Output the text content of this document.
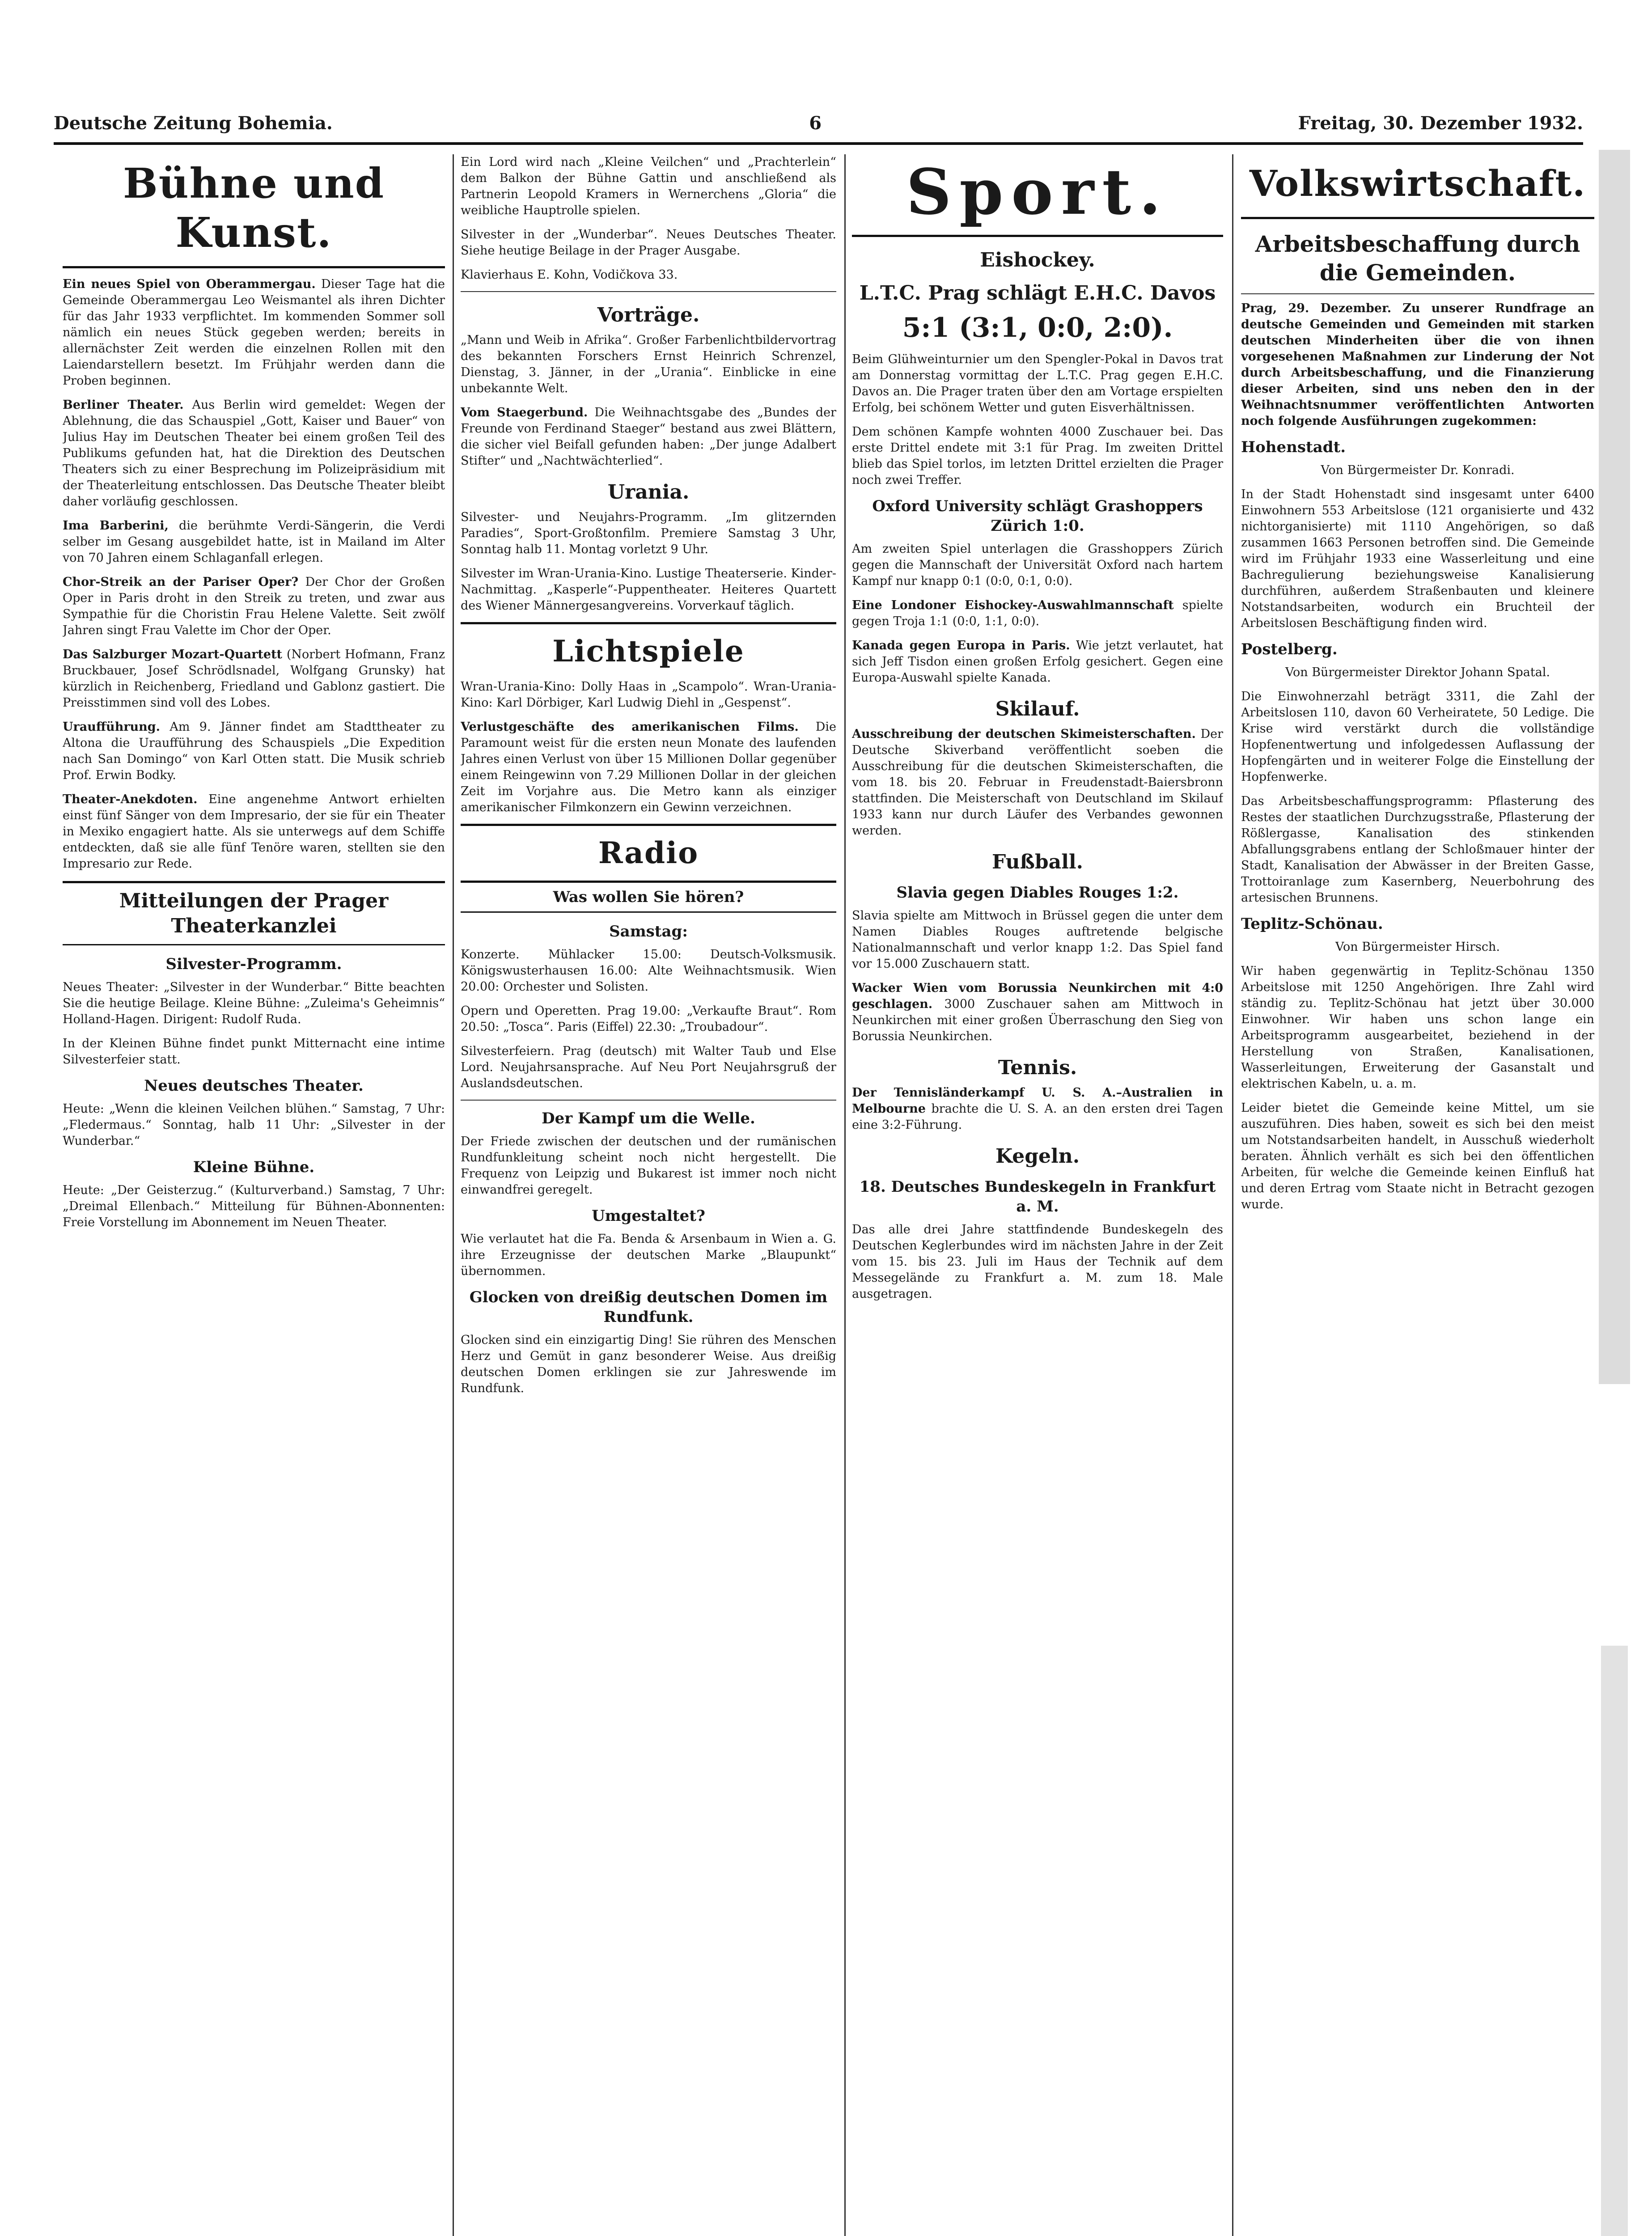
Deutsche Zeitung Bohemia.	6	Freitag, 30. Dezember 1932.
Bühne und Kunst.

Ein neues Spiel von Oberammergau. Dieser Tage hat die Gemeinde Oberammergau Leo Weismantel als ihren Dichter für das Jahr 1933 verpflichtet. Im kommenden Sommer soll nämlich ein neues Stück gegeben werden; bereits in allernächster Zeit werden die einzelnen Rollen mit den Laiendarstellern besetzt. Im Frühjahr werden dann die Proben beginnen.

Berliner Theater. Aus Berlin wird gemeldet: Wegen der Ablehnung, die das Schauspiel „Gott, Kaiser und Bauer“ von Julius Hay im Deutschen Theater bei einem großen Teil des Publikums gefunden hat, hat die Direktion des Deutschen Theaters sich zu einer Besprechung im Polizeipräsidium mit der Theaterleitung entschlossen. Das Deutsche Theater bleibt daher vorläufig geschlossen.

Ima Barberini, die berühmte Verdi-Sängerin, die Verdi selber im Gesang ausgebildet hatte, ist in Mailand im Alter von 70 Jahren einem Schlaganfall erlegen.

Chor-Streik an der Pariser Oper? Der Chor der Großen Oper in Paris droht in den Streik zu treten, und zwar aus Sympathie für die Choristin Frau Helene Valette. Seit zwölf Jahren singt Frau Valette im Chor der Oper.

Das Salzburger Mozart-Quartett (Norbert Hofmann, Franz Bruckbauer, Josef Schrödlsnadel, Wolfgang Grunsky) hat kürzlich in Reichenberg, Friedland und Gablonz gastiert. Die Preisstimmen sind voll des Lobes.

Uraufführung. Am 9. Jänner findet am Stadttheater zu Altona die Uraufführung des Schauspiels „Die Expedition nach San Domingo“ von Karl Otten statt. Die Musik schrieb Prof. Erwin Bodky.

Theater-Anekdoten. Eine angenehme Antwort erhielten einst fünf Sänger von dem Impresario, der sie für ein Theater in Mexiko engagiert hatte. Als sie unterwegs auf dem Schiffe entdeckten, daß sie alle fünf Tenöre waren, stellten sie den Impresario zur Rede.

Mitteilungen der Prager Theaterkanzlei
Silvester-Programm.

Neues Theater: „Silvester in der Wunderbar.“ Bitte beachten Sie die heutige Beilage. Kleine Bühne: „Zuleima's Geheimnis“ Holland-Hagen. Dirigent: Rudolf Ruda.

In der Kleinen Bühne findet punkt Mitternacht eine intime Silvesterfeier statt.

Neues deutsches Theater.

Heute: „Wenn die kleinen Veilchen blühen.“ Samstag, 7 Uhr: „Fledermaus.“ Sonntag, halb 11 Uhr: „Silvester in der Wunderbar.“

Kleine Bühne.

Heute: „Der Geisterzug.“ (Kulturverband.) Samstag, 7 Uhr: „Dreimal Ellenbach.“ Mitteilung für Bühnen-Abonnenten: Freie Vorstellung im Abonnement im Neuen Theater.

Ein Lord wird nach „Kleine Veilchen“ und „Prachterlein“ dem Balkon der Bühne Gattin und anschließend als Partnerin Leopold Kramers in Wernerchens „Gloria“ die weibliche Hauptrolle spielen.

Silvester in der „Wunderbar“. Neues Deutsches Theater. Siehe heutige Beilage in der Prager Ausgabe.

Klavierhaus E. Kohn, Vodičkova 33.

Vorträge.

„Mann und Weib in Afrika“. Großer Farbenlichtbildervortrag des bekannten Forschers Ernst Heinrich Schrenzel, Dienstag, 3. Jänner, in der „Urania“. Einblicke in eine unbekannte Welt.

Vom Staegerbund. Die Weihnachtsgabe des „Bundes der Freunde von Ferdinand Staeger“ bestand aus zwei Blättern, die sicher viel Beifall gefunden haben: „Der junge Adalbert Stifter“ und „Nachtwächterlied“.

Urania.

Silvester- und Neujahrs-Programm. „Im glitzernden Paradies“, Sport-Großtonfilm. Premiere Samstag 3 Uhr, Sonntag halb 11. Montag vorletzt 9 Uhr.

Silvester im Wran-Urania-Kino. Lustige Theaterserie. Kinder-Nachmittag. „Kasperle“-Puppentheater. Heiteres Quartett des Wiener Männergesangvereins. Vorverkauf täglich.

Lichtspiele

Wran-Urania-Kino: Dolly Haas in „Scampolo“. Wran-Urania-Kino: Karl Dörbiger, Karl Ludwig Diehl in „Gespenst“.

Verlustgeschäfte des amerikanischen Films. Die Paramount weist für die ersten neun Monate des laufenden Jahres einen Verlust von über 15 Millionen Dollar gegenüber einem Reingewinn von 7.29 Millionen Dollar in der gleichen Zeit im Vorjahre aus. Die Metro kann als einziger amerikanischer Filmkonzern ein Gewinn verzeichnen.

Radio
Was wollen Sie hören?
Samstag:

Konzerte. Mühlacker 15.00: Deutsch-Volksmusik. Königswusterhausen 16.00: Alte Weihnachtsmusik. Wien 20.00: Orchester und Solisten.

Opern und Operetten. Prag 19.00: „Verkaufte Braut“. Rom 20.50: „Tosca“. Paris (Eiffel) 22.30: „Troubadour“.

Silvesterfeiern. Prag (deutsch) mit Walter Taub und Else Lord. Neujahrsansprache. Auf Neu Port Neujahrsgruß der Auslandsdeutschen.

Der Kampf um die Welle.

Der Friede zwischen der deutschen und der rumänischen Rundfunkleitung scheint noch nicht hergestellt. Die Frequenz von Leipzig und Bukarest ist immer noch nicht einwandfrei geregelt.

Umgestaltet?

Wie verlautet hat die Fa. Benda & Arsenbaum in Wien a. G. ihre Erzeugnisse der deutschen Marke „Blaupunkt“ übernommen.

Glocken von dreißig deutschen Domen im Rundfunk.

Glocken sind ein einzigartig Ding! Sie rühren des Menschen Herz und Gemüt in ganz besonderer Weise. Aus dreißig deutschen Domen erklingen sie zur Jahreswende im Rundfunk.

Sport.
Eishockey.
L.T.C. Prag schlägt E.H.C. Davos
5:1 (3:1, 0:0, 2:0).

Beim Glühweinturnier um den Spengler-Pokal in Davos trat am Donnerstag vormittag der L.T.C. Prag gegen E.H.C. Davos an. Die Prager traten über den am Vortage erspielten Erfolg, bei schönem Wetter und guten Eisverhältnissen.

Dem schönen Kampfe wohnten 4000 Zuschauer bei. Das erste Drittel endete mit 3:1 für Prag. Im zweiten Drittel blieb das Spiel torlos, im letzten Drittel erzielten die Prager noch zwei Treffer.

Oxford University schlägt Grashoppers Zürich 1:0.

Am zweiten Spiel unterlagen die Grasshoppers Zürich gegen die Mannschaft der Universität Oxford nach hartem Kampf nur knapp 0:1 (0:0, 0:1, 0:0).

Eine Londoner Eishockey-Auswahlmannschaft spielte gegen Troja 1:1 (0:0, 1:1, 0:0).

Kanada gegen Europa in Paris. Wie jetzt verlautet, hat sich Jeff Tisdon einen großen Erfolg gesichert. Gegen eine Europa-Auswahl spielte Kanada.

Skilauf.

Ausschreibung der deutschen Skimeisterschaften. Der Deutsche Skiverband veröffentlicht soeben die Ausschreibung für die deutschen Skimeisterschaften, die vom 18. bis 20. Februar in Freudenstadt-Baiersbronn stattfinden. Die Meisterschaft von Deutschland im Skilauf 1933 kann nur durch Läufer des Verbandes gewonnen werden.

Fußball.
Slavia gegen Diables Rouges 1:2.

Slavia spielte am Mittwoch in Brüssel gegen die unter dem Namen Diables Rouges auftretende belgische Nationalmannschaft und verlor knapp 1:2. Das Spiel fand vor 15.000 Zuschauern statt.

Wacker Wien vom Borussia Neunkirchen mit 4:0 geschlagen. 3000 Zuschauer sahen am Mittwoch in Neunkirchen mit einer großen Überraschung den Sieg von Borussia Neunkirchen.

Tennis.

Der Tennisländerkampf U. S. A.–Australien in Melbourne brachte die U. S. A. an den ersten drei Tagen eine 3:2-Führung.

Kegeln.
18. Deutsches Bundeskegeln in Frankfurt a. M.

Das alle drei Jahre stattfindende Bundeskegeln des Deutschen Keglerbundes wird im nächsten Jahre in der Zeit vom 15. bis 23. Juli im Haus der Technik auf dem Messegelände zu Frankfurt a. M. zum 18. Male ausgetragen.

Volkswirtschaft.
Arbeitsbeschaffung durch die Gemeinden.

Prag, 29. Dezember. Zu unserer Rundfrage an deutsche Gemeinden und Gemeinden mit starken deutschen Minderheiten über die von ihnen vorgesehenen Maßnahmen zur Linderung der Not durch Arbeitsbeschaffung, und die Finanzierung dieser Arbeiten, sind uns neben den in der Weihnachtsnummer veröffentlichten Antworten noch folgende Ausführungen zugekommen:

Hohenstadt.

Von Bürgermeister Dr. Konradi.

In der Stadt Hohenstadt sind insgesamt unter 6400 Einwohnern 553 Arbeitslose (121 organisierte und 432 nichtorganisierte) mit 1110 Angehörigen, so daß zusammen 1663 Personen betroffen sind. Die Gemeinde wird im Frühjahr 1933 eine Wasserleitung und eine Bachregulierung beziehungsweise Kanalisierung durchführen, außerdem Straßenbauten und kleinere Notstandsarbeiten, wodurch ein Bruchteil der Arbeitslosen Beschäftigung finden wird.

Postelberg.

Von Bürgermeister Direktor Johann Spatal.

Die Einwohnerzahl beträgt 3311, die Zahl der Arbeitslosen 110, davon 60 Verheiratete, 50 Ledige. Die Krise wird verstärkt durch die vollständige Hopfenentwertung und infolgedessen Auflassung der Hopfengärten und in weiterer Folge die Einstellung der Hopfenwerke.

Das Arbeitsbeschaffungsprogramm: Pflasterung des Restes der staatlichen Durchzugsstraße, Pflasterung der Rößlergasse, Kanalisation des stinkenden Abfallungsgrabens entlang der Schloßmauer hinter der Stadt, Kanalisation der Abwässer in der Breiten Gasse, Trottoiranlage zum Kasernberg, Neuerbohrung des artesischen Brunnens.

Teplitz-Schönau.

Von Bürgermeister Hirsch.

Wir haben gegenwärtig in Teplitz-Schönau 1350 Arbeitslose mit 1250 Angehörigen. Ihre Zahl wird ständig zu. Teplitz-Schönau hat jetzt über 30.000 Einwohner. Wir haben uns schon lange ein Arbeitsprogramm ausgearbeitet, beziehend in der Herstellung von Straßen, Kanalisationen, Wasserleitungen, Erweiterung der Gasanstalt und elektrischen Kabeln, u. a. m.

Leider bietet die Gemeinde keine Mittel, um sie auszuführen. Dies haben, soweit es sich bei den meist um Notstandsarbeiten handelt, in Ausschuß wiederholt beraten. Ähnlich verhält es sich bei den öffentlichen Arbeiten, für welche die Gemeinde keinen Einfluß hat und deren Ertrag vom Staate nicht in Betracht gezogen wurde.
